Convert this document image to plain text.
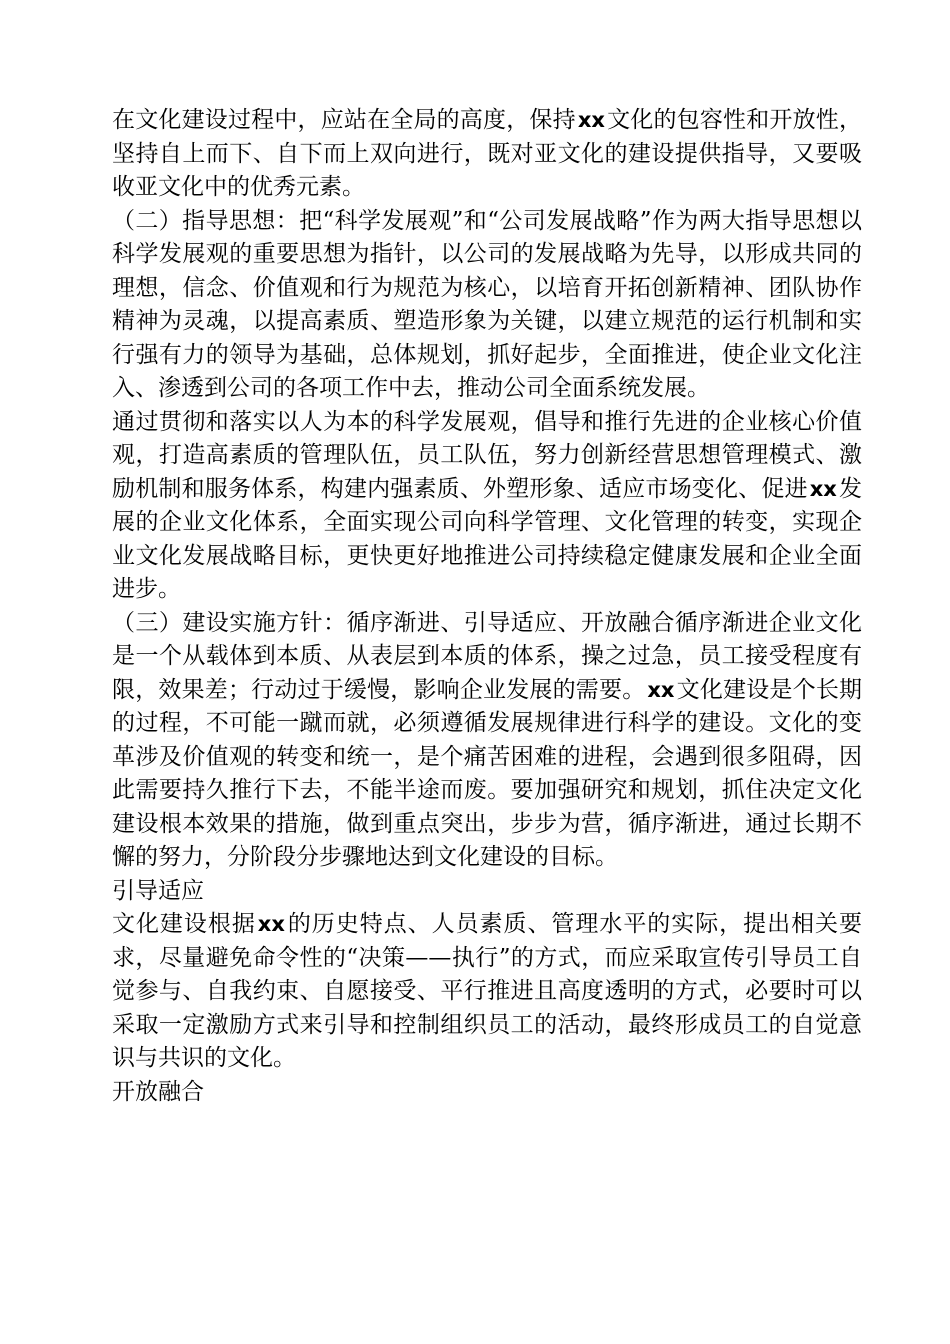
在文化建设过程中，应站在全局的高度，保持xx文化的包容性和开放性，坚持自上而下、自下而上双向进行，既对亚文化的建设提供指导，又要吸收亚文化中的优秀元素。

（二）指导思想：把“科学发展观”和“公司发展战略”作为两大指导思想以科学发展观的重要思想为指针，以公司的发展战略为先导，以形成共同的理想，信念、价值观和行为规范为核心，以培育开拓创新精神、团队协作精神为灵魂，以提高素质、塑造形象为关键，以建立规范的运行机制和实行强有力的领导为基础，总体规划，抓好起步，全面推进，使企业文化注入、渗透到公司的各项工作中去，推动公司全面系统发展。

通过贯彻和落实以人为本的科学发展观，倡导和推行先进的企业核心价值观，打造高素质的管理队伍，员工队伍，努力创新经营思想管理模式、激励机制和服务体系，构建内强素质、外塑形象、适应市场变化、促进xx发展的企业文化体系，全面实现公司向科学管理、文化管理的转变，实现企业文化发展战略目标，更快更好地推进公司持续稳定健康发展和企业全面进步。

（三）建设实施方针：循序渐进、引导适应、开放融合循序渐进企业文化是一个从载体到本质、从表层到本质的体系，操之过急，员工接受程度有限，效果差；行动过于缓慢，影响企业发展的需要。xx文化建设是个长期的过程，不可能一蹴而就，必须遵循发展规律进行科学的建设。文化的变革涉及价值观的转变和统一，是个痛苦困难的进程，会遇到很多阻碍，因此需要持久推行下去，不能半途而废。要加强研究和规划，抓住决定文化建设根本效果的措施，做到重点突出，步步为营，循序渐进，通过长期不懈的努力，分阶段分步骤地达到文化建设的目标。

引导适应

文化建设根据xx的历史特点、人员素质、管理水平的实际，提出相关要求，尽量避免命令性的“决策——执行”的方式，而应采取宣传引导员工自觉参与、自我约束、自愿接受、平行推进且高度透明的方式，必要时可以采取一定激励方式来引导和控制组织员工的活动，最终形成员工的自觉意识与共识的文化。

开放融合
